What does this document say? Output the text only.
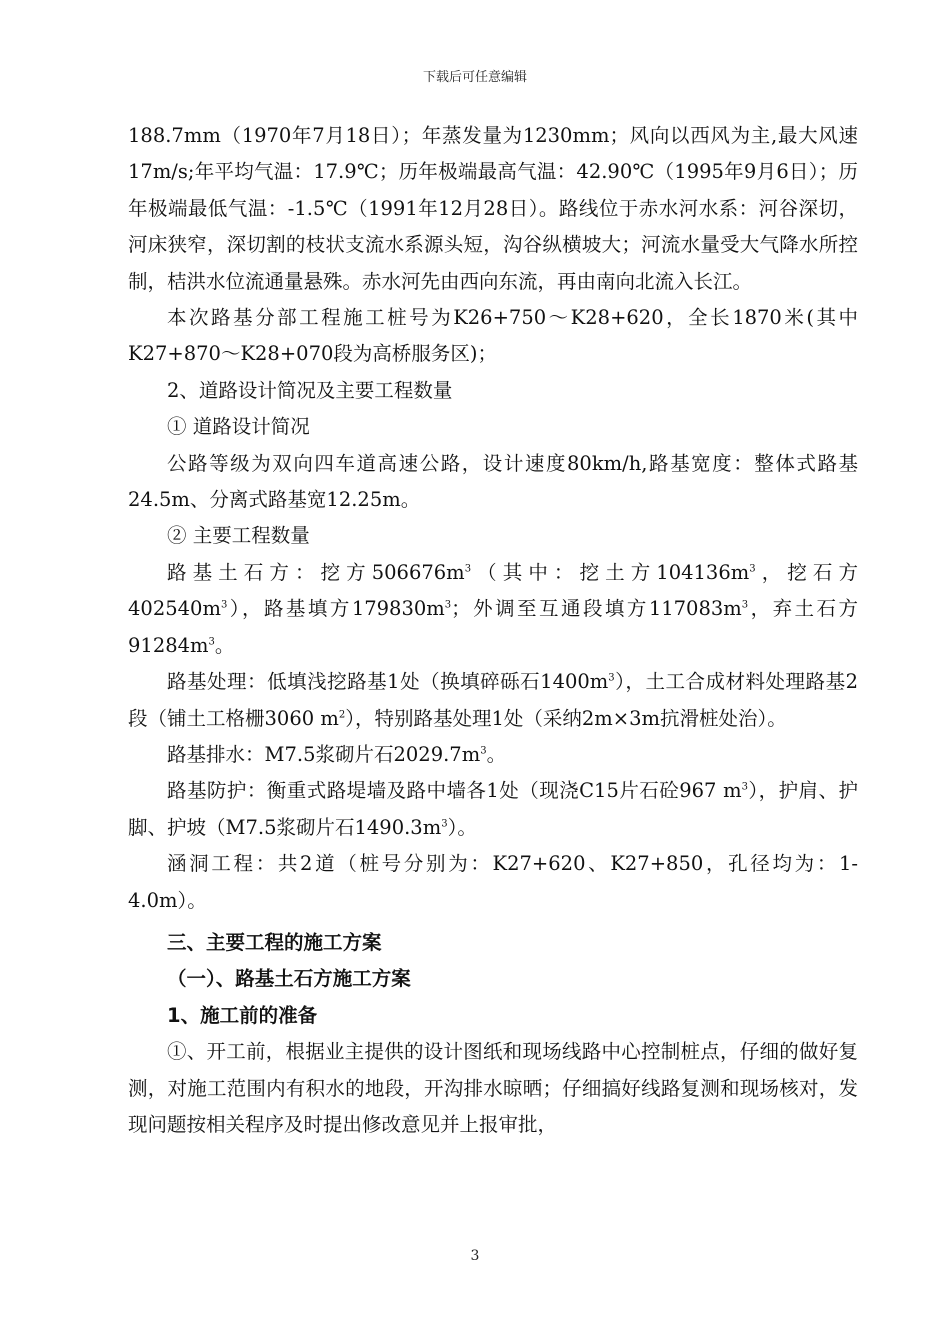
下载后可任意编辑

188.7mm（1970年7月18日）；年蒸发量为1230mm；风向以西风为主,最大风速17m/s;年平均气温：17.9℃；历年极端最高气温：42.90℃（1995年9月6日）；历年极端最低气温：-1.5℃（1991年12月28日）。路线位于赤水河水系：河谷深切，河床狭窄，深切割的枝状支流水系源头短，沟谷纵横坡大；河流水量受大气降水所控制，桔洪水位流通量悬殊。赤水河先由西向东流，再由南向北流入长江。

本次路基分部工程施工桩号为K26+750～K28+620，全长1870米(其中K27+870～K28+070段为高桥服务区)；

2、道路设计简况及主要工程数量

① 道路设计简况

公路等级为双向四车道高速公路，设计速度80km/h,路基宽度：整体式路基24.5m、分离式路基宽12.25m。

② 主要工程数量

路基土石方：挖方$506676m^3$（其中：挖土方$104136m^3$，挖石方$402540m^3$），路基填方$179830m^3$；外调至互通段填方$117083m^3$，弃土石方$91284m^3$。

路基处理：低填浅挖路基1处（换填碎砾石$1400m^3$），土工合成材料处理路基2段（铺土工格栅3060 $m^2$），特别路基处理1处（采纳2m×3m抗滑桩处治）。

路基排水：M7.5浆砌片石$2029.7m^3$。

路基防护：衡重式路堤墙及路中墙各1处（现浇C15片石砼967 $m^3$），护肩、护脚、护坡（M7.5浆砌片石$1490.3m^3$）。

涵洞工程：共2道（桩号分别为：K27+620、K27+850，孔径均为：1-4.0m）。

三、主要工程的施工方案

（一）、路基土石方施工方案

1、施工前的准备

①、开工前，根据业主提供的设计图纸和现场线路中心控制桩点，仔细的做好复测，对施工范围内有积水的地段，开沟排水晾晒；仔细搞好线路复测和现场核对，发现问题按相关程序及时提出修改意见并上报审批，

3
